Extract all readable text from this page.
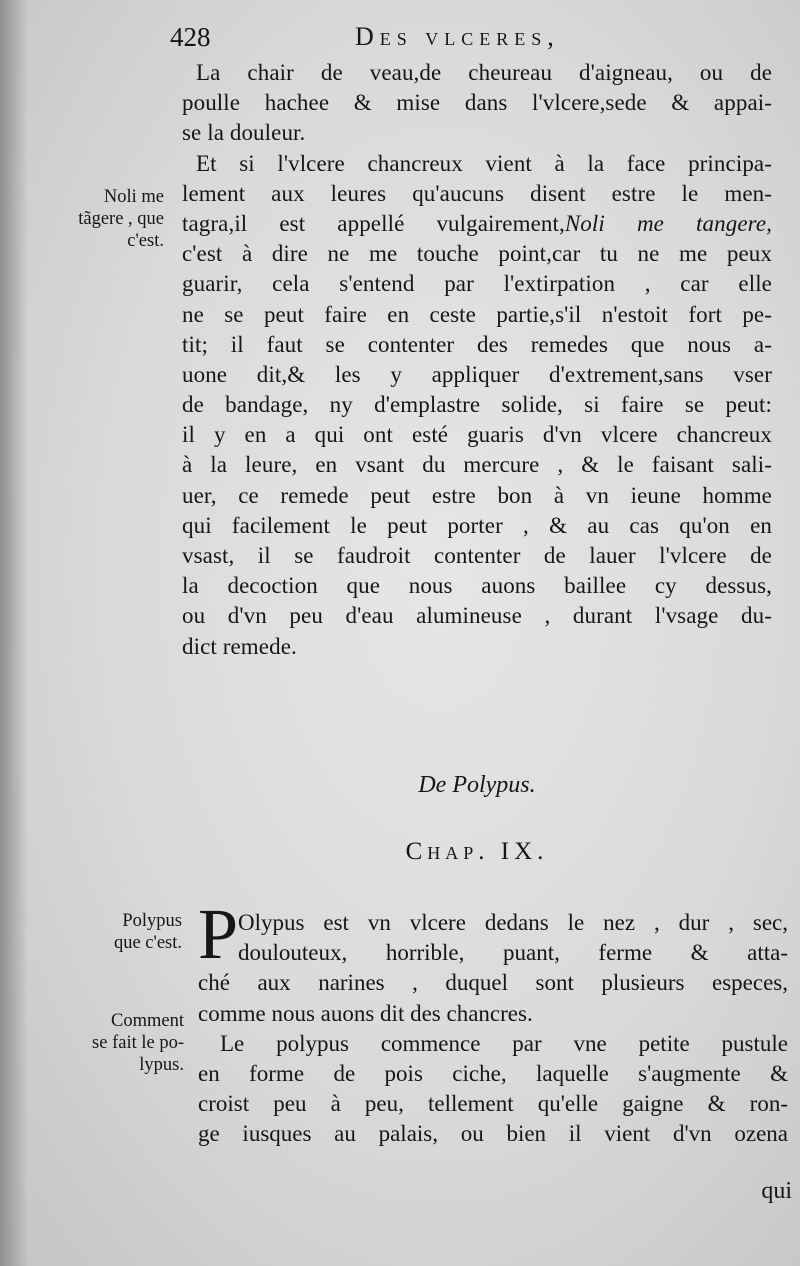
428	Des vlceres,
La chair de veau,de cheureau d'aigneau, ou de
poulle hachee & mise dans l'vlcere,sede & appai-
se la douleur.
Et si l'vlcere chancreux vient à la face principa-
lement aux leures qu'aucuns disent estre le men-
tagra,il est appellé vulgairement,Noli me tangere,
c'est à dire ne me touche point,car tu ne me peux
guarir, cela s'entend par l'extirpation , car elle
ne se peut faire en ceste partie,s'il n'estoit fort pe-
tit; il faut se contenter des remedes que nous a-
uone dit,& les y appliquer d'extrement,sans vser
de bandage, ny d'emplastre solide, si faire se peut:
il y en a qui ont esté guaris d'vn vlcere chancreux
à la leure, en vsant du mercure , & le faisant sali-
uer, ce remede peut estre bon à vn ieune homme
qui facilement le peut porter , & au cas qu'on en
vsast, il se faudroit contenter de lauer l'vlcere de
la decoction que nous auons baillee cy dessus,
ou d'vn peu d'eau alumineuse , durant l'vsage du-
dict remede.
Noli me
tãgere , que
c'est.
De Polypus.
Chap. IX.
Polypus
que c'est.
Comment
se fait le po-
lypus.
P Olypus est vn vlcere dedans le nez , dur , sec,
doulouteux, horrible, puant, ferme & atta-
ché aux narines , duquel sont plusieurs especes,
comme nous auons dit des chancres.
Le polypus commence par vne petite pustule
en forme de pois ciche, laquelle s'augmente &
croist peu à peu, tellement qu'elle gaigne & ron-
ge iusques au palais, ou bien il vient d'vn ozena
qui
